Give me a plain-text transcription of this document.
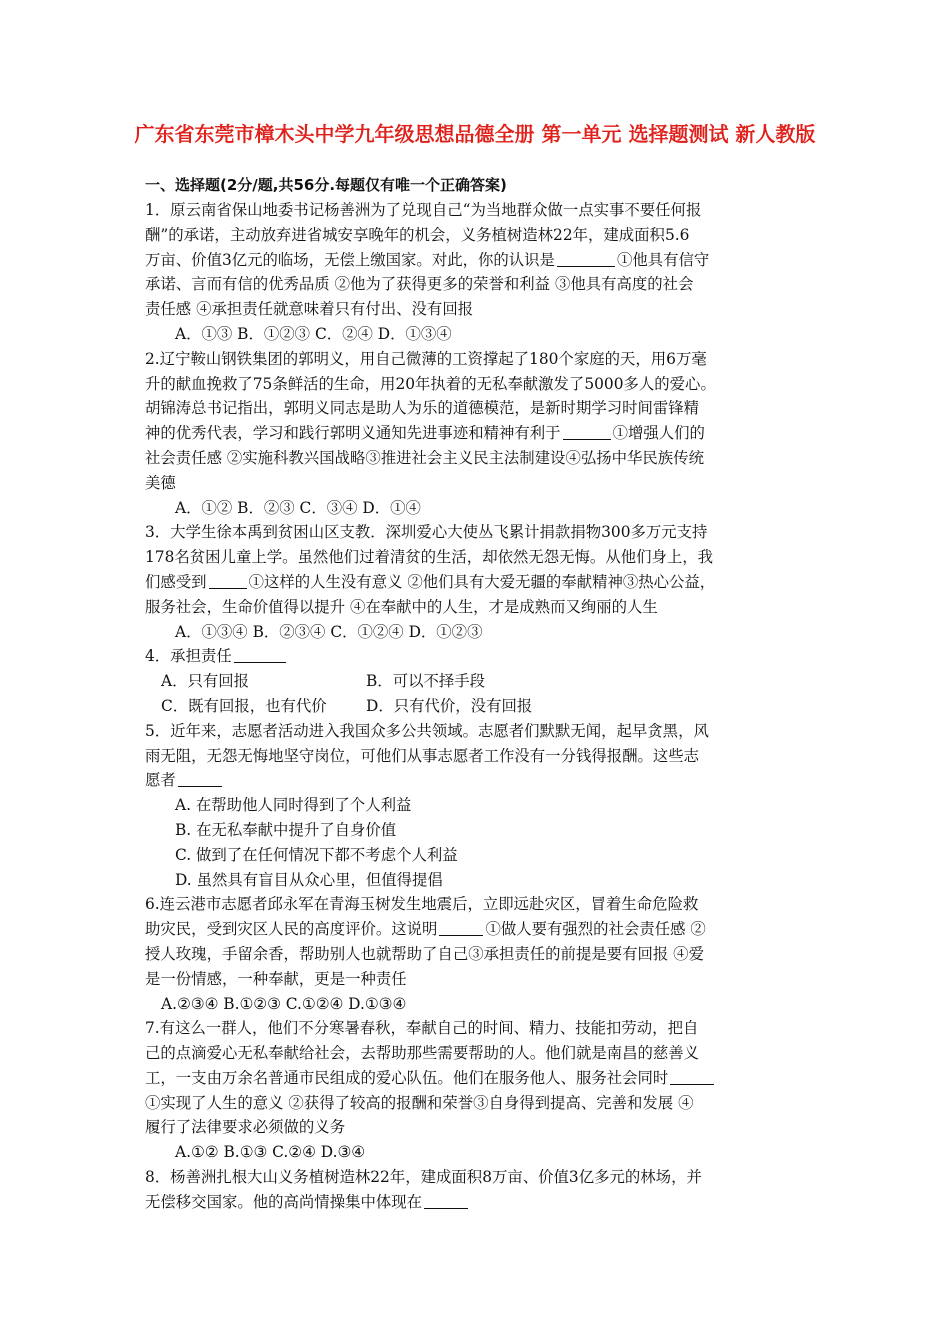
广东省东莞市樟木头中学九年级思想品德全册 第一单元 选择题测试 新人教版
一、选择题(2分/题,共56分.每题仅有唯一个正确答案)
1．原云南省保山地委书记杨善洲为了兑现自己“为当地群众做一点实事不要任何报
酬”的承诺，主动放弃进省城安享晚年的机会，义务植树造林22年，建成面积5.6
万亩、价值3亿元的临场，无偿上缴国家。对此，你的认识是	①他具有信守
承诺、言而有信的优秀品质 ②他为了获得更多的荣誉和利益 ③他具有高度的社会
责任感 ④承担责任就意味着只有付出、没有回报
A．①③ B．①②③ C．②④ D．①③④
2.辽宁鞍山钢铁集团的郭明义，用自己微薄的工资撑起了180个家庭的天，用6万毫
升的献血挽救了75条鲜活的生命，用20年执着的无私奉献激发了5000多人的爱心。
胡锦涛总书记指出，郭明义同志是助人为乐的道德模范，是新时期学习时间雷锋精
神的优秀代表，学习和践行郭明义通知先进事迹和精神有利于	①增强人们的
社会责任感 ②实施科教兴国战略③推进社会主义民主法制建设④弘扬中华民族传统
美德
A．①② B．②③ C．③④ D．①④
3．大学生徐本禹到贫困山区支教．深圳爱心大使丛飞累计捐款捐物300多万元支持
178名贫困儿童上学。虽然他们过着清贫的生活，却依然无怨无悔。从他们身上，我
们感受到	①这样的人生没有意义 ②他们具有大爱无疆的奉献精神③热心公益，
服务社会，生命价值得以提升 ④在奉献中的人生，才是成熟而又绚丽的人生
A．①③④ B．②③④ C．①②④ D．①②③
4．承担责任
A．只有回报	B．可以不择手段
C．既有回报，也有代价	D．只有代价，没有回报
5．近年来，志愿者活动进入我国众多公共领域。志愿者们默默无闻，起早贪黑，风
雨无阻，无怨无悔地坚守岗位，可他们从事志愿者工作没有一分钱得报酬。这些志
愿者
A. 在帮助他人同时得到了个人利益
B. 在无私奉献中提升了自身价值
C. 做到了在任何情况下都不考虑个人利益
D. 虽然具有盲目从众心里，但值得提倡
6.连云港市志愿者邱永军在青海玉树发生地震后，立即远赴灾区，冒着生命危险救
助灾民，受到灾区人民的高度评价。这说明	①做人要有强烈的社会责任感 ②
授人玫瑰，手留余香，帮助别人也就帮助了自己③承担责任的前提是要有回报 ④爱
是一份情感，一种奉献，更是一种责任
A.②③④ B.①②③ C.①②④ D.①③④
7.有这么一群人，他们不分寒暑春秋，奉献自己的时间、精力、技能扣劳动，把自
己的点滴爱心无私奉献给社会，去帮助那些需要帮助的人。他们就是南昌的慈善义
工，一支由万余名普通市民组成的爱心队伍。他们在服务他人、服务社会同时
①实现了人生的意义 ②获得了较高的报酬和荣誉③自身得到提高、完善和发展 ④
履行了法律要求必须做的义务
A.①② B.①③ C.②④ D.③④
8．杨善洲扎根大山义务植树造林22年，建成面积8万亩、价值3亿多元的林场，并
无偿移交国家。他的高尚情操集中体现在
